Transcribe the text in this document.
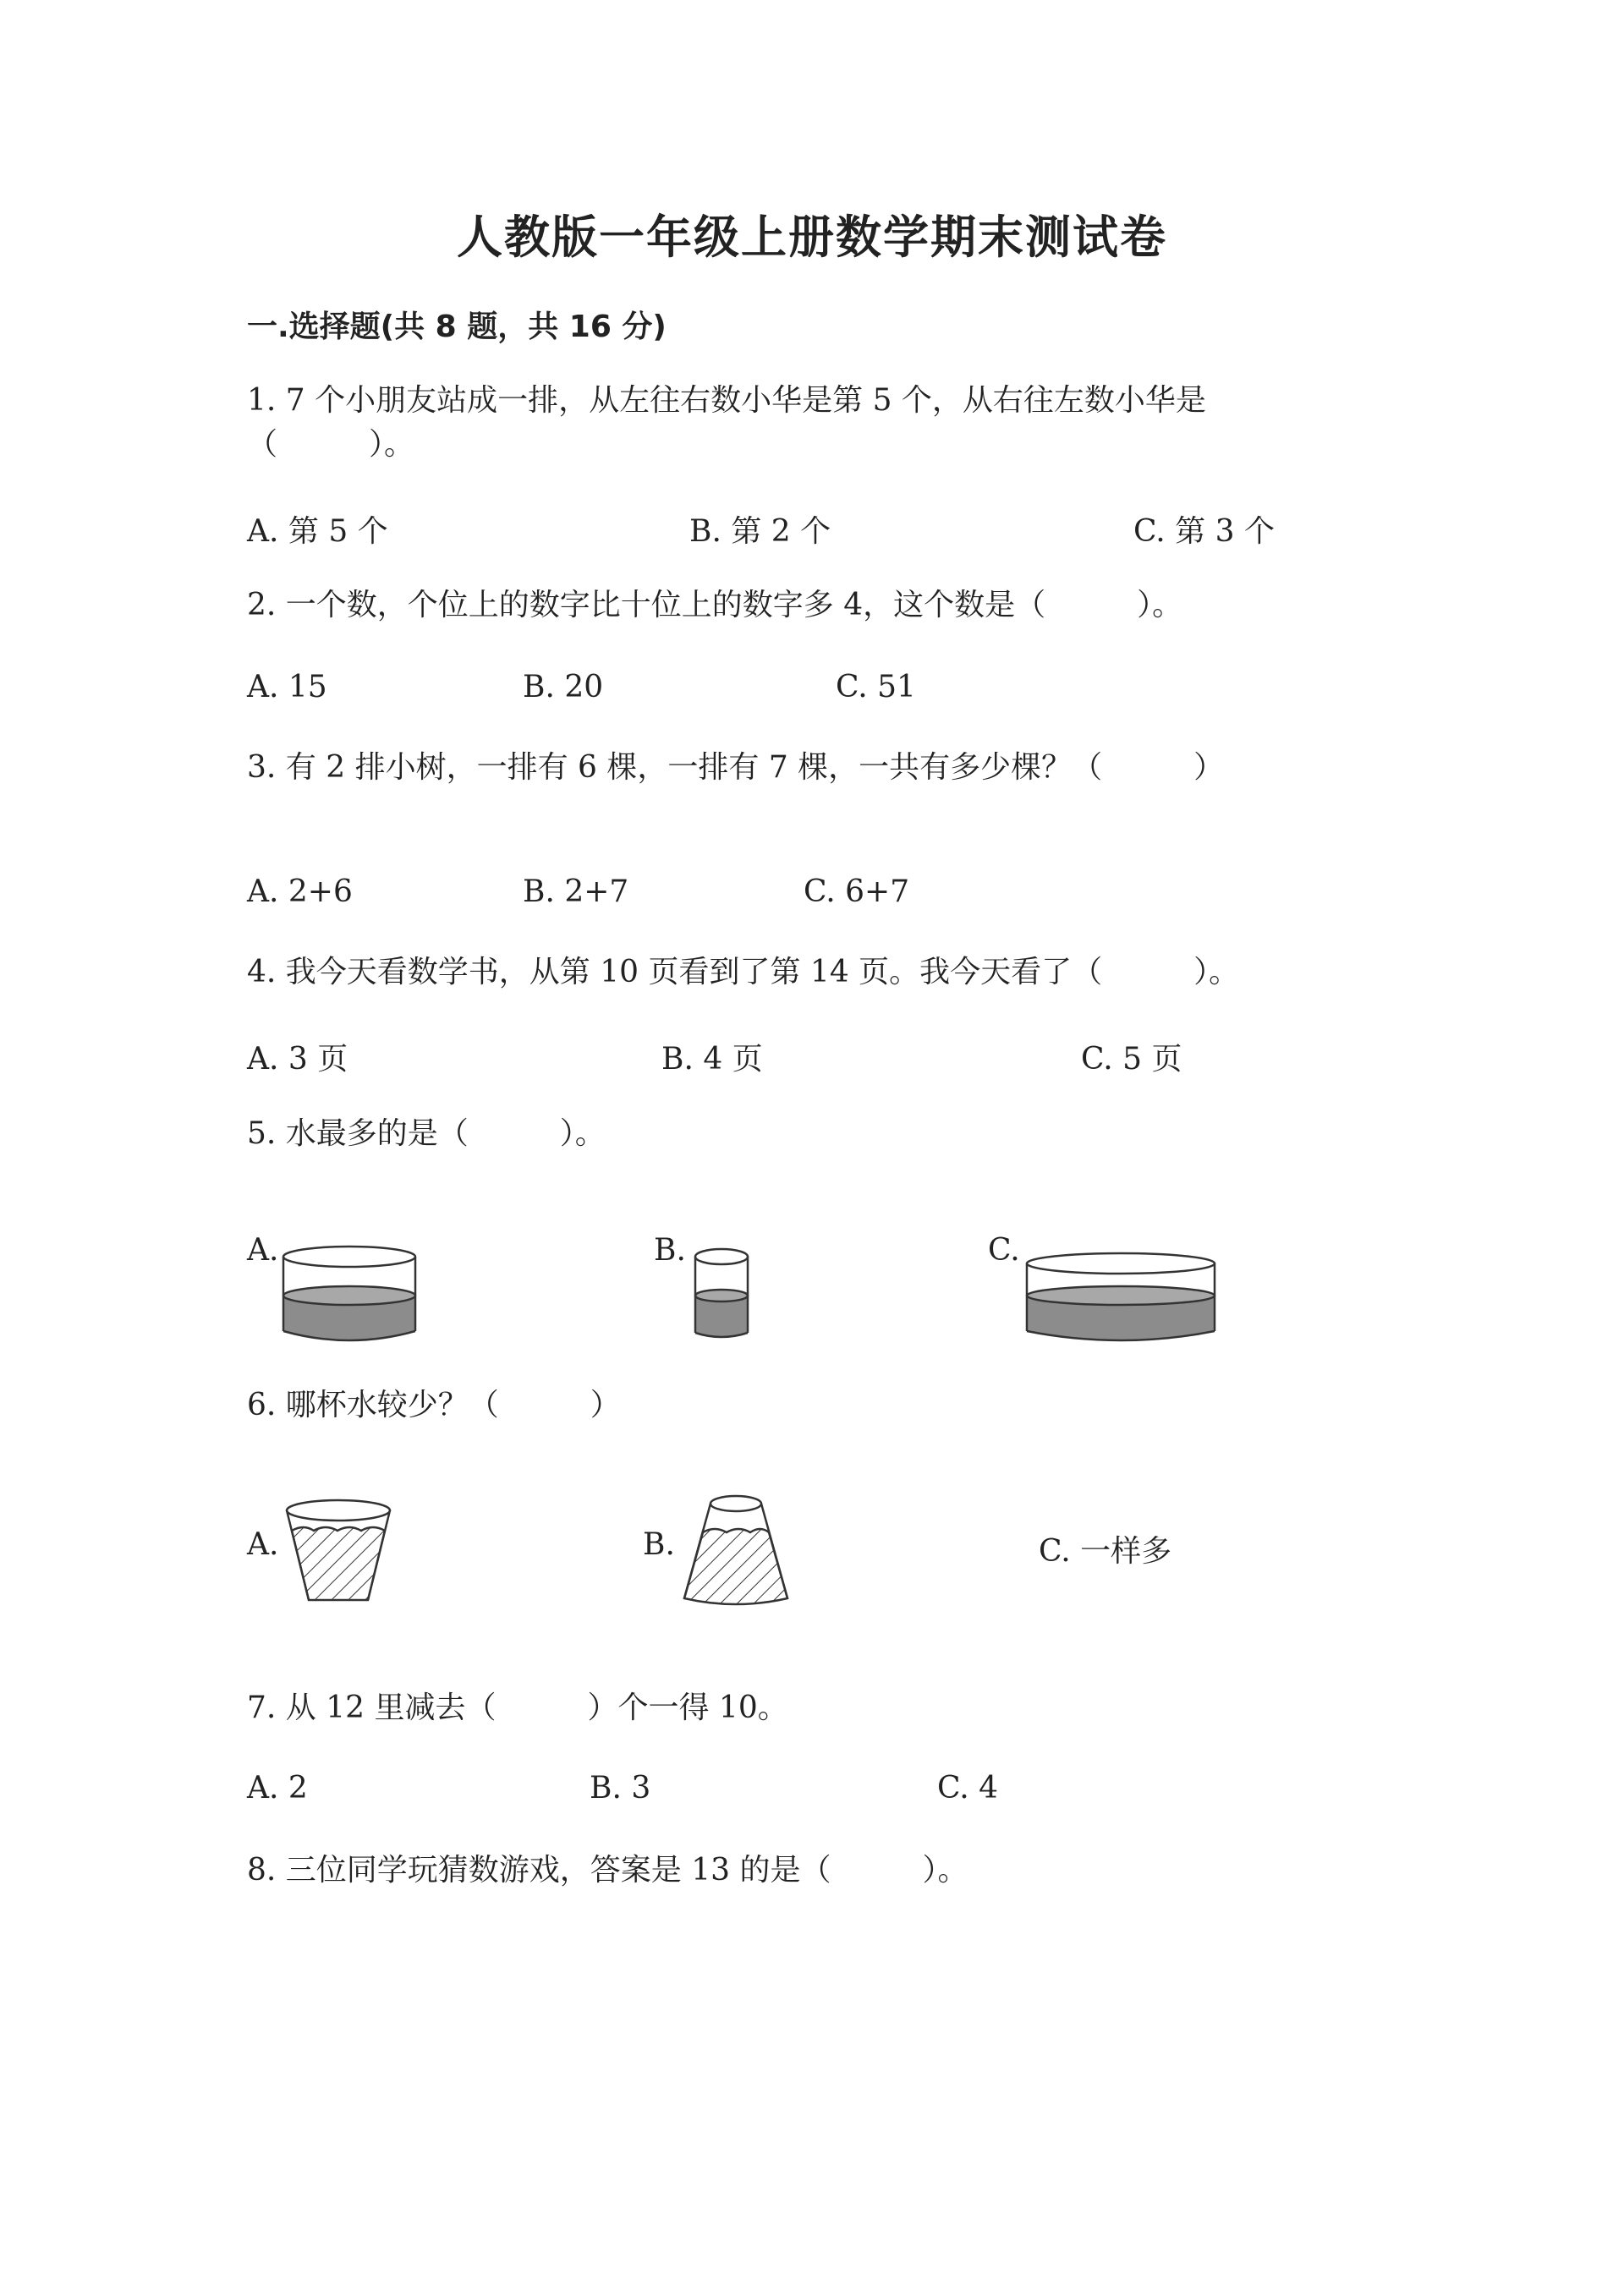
人教版一年级上册数学期末测试卷
一.选择题(共 8 题，共 16 分)
1. 7 个小朋友站成一排，从左往右数小华是第 5 个，从右往左数小华是
（　　　）。
A. 第 5 个	B. 第 2 个	C. 第 3 个
2. 一个数，个位上的数字比十位上的数字多 4，这个数是（　　　）。
A. 15	B. 20	C. 51
3. 有 2 排小树，一排有 6 棵，一排有 7 棵，一共有多少棵？（　　　）
A. 2+6	B. 2+7	C. 6+7
4. 我今天看数学书，从第 10 页看到了第 14 页。我今天看了（　　　）。
A. 3 页	B. 4 页	C. 5 页
5. 水最多的是（　　　）。
A.	B.	C.
6. 哪杯水较少？（　　　）
A.	B.	C. 一样多
7. 从 12 里减去（　　　）个一得 10。
A. 2	B. 3	C. 4
8. 三位同学玩猜数游戏，答案是 13 的是（　　　）。
